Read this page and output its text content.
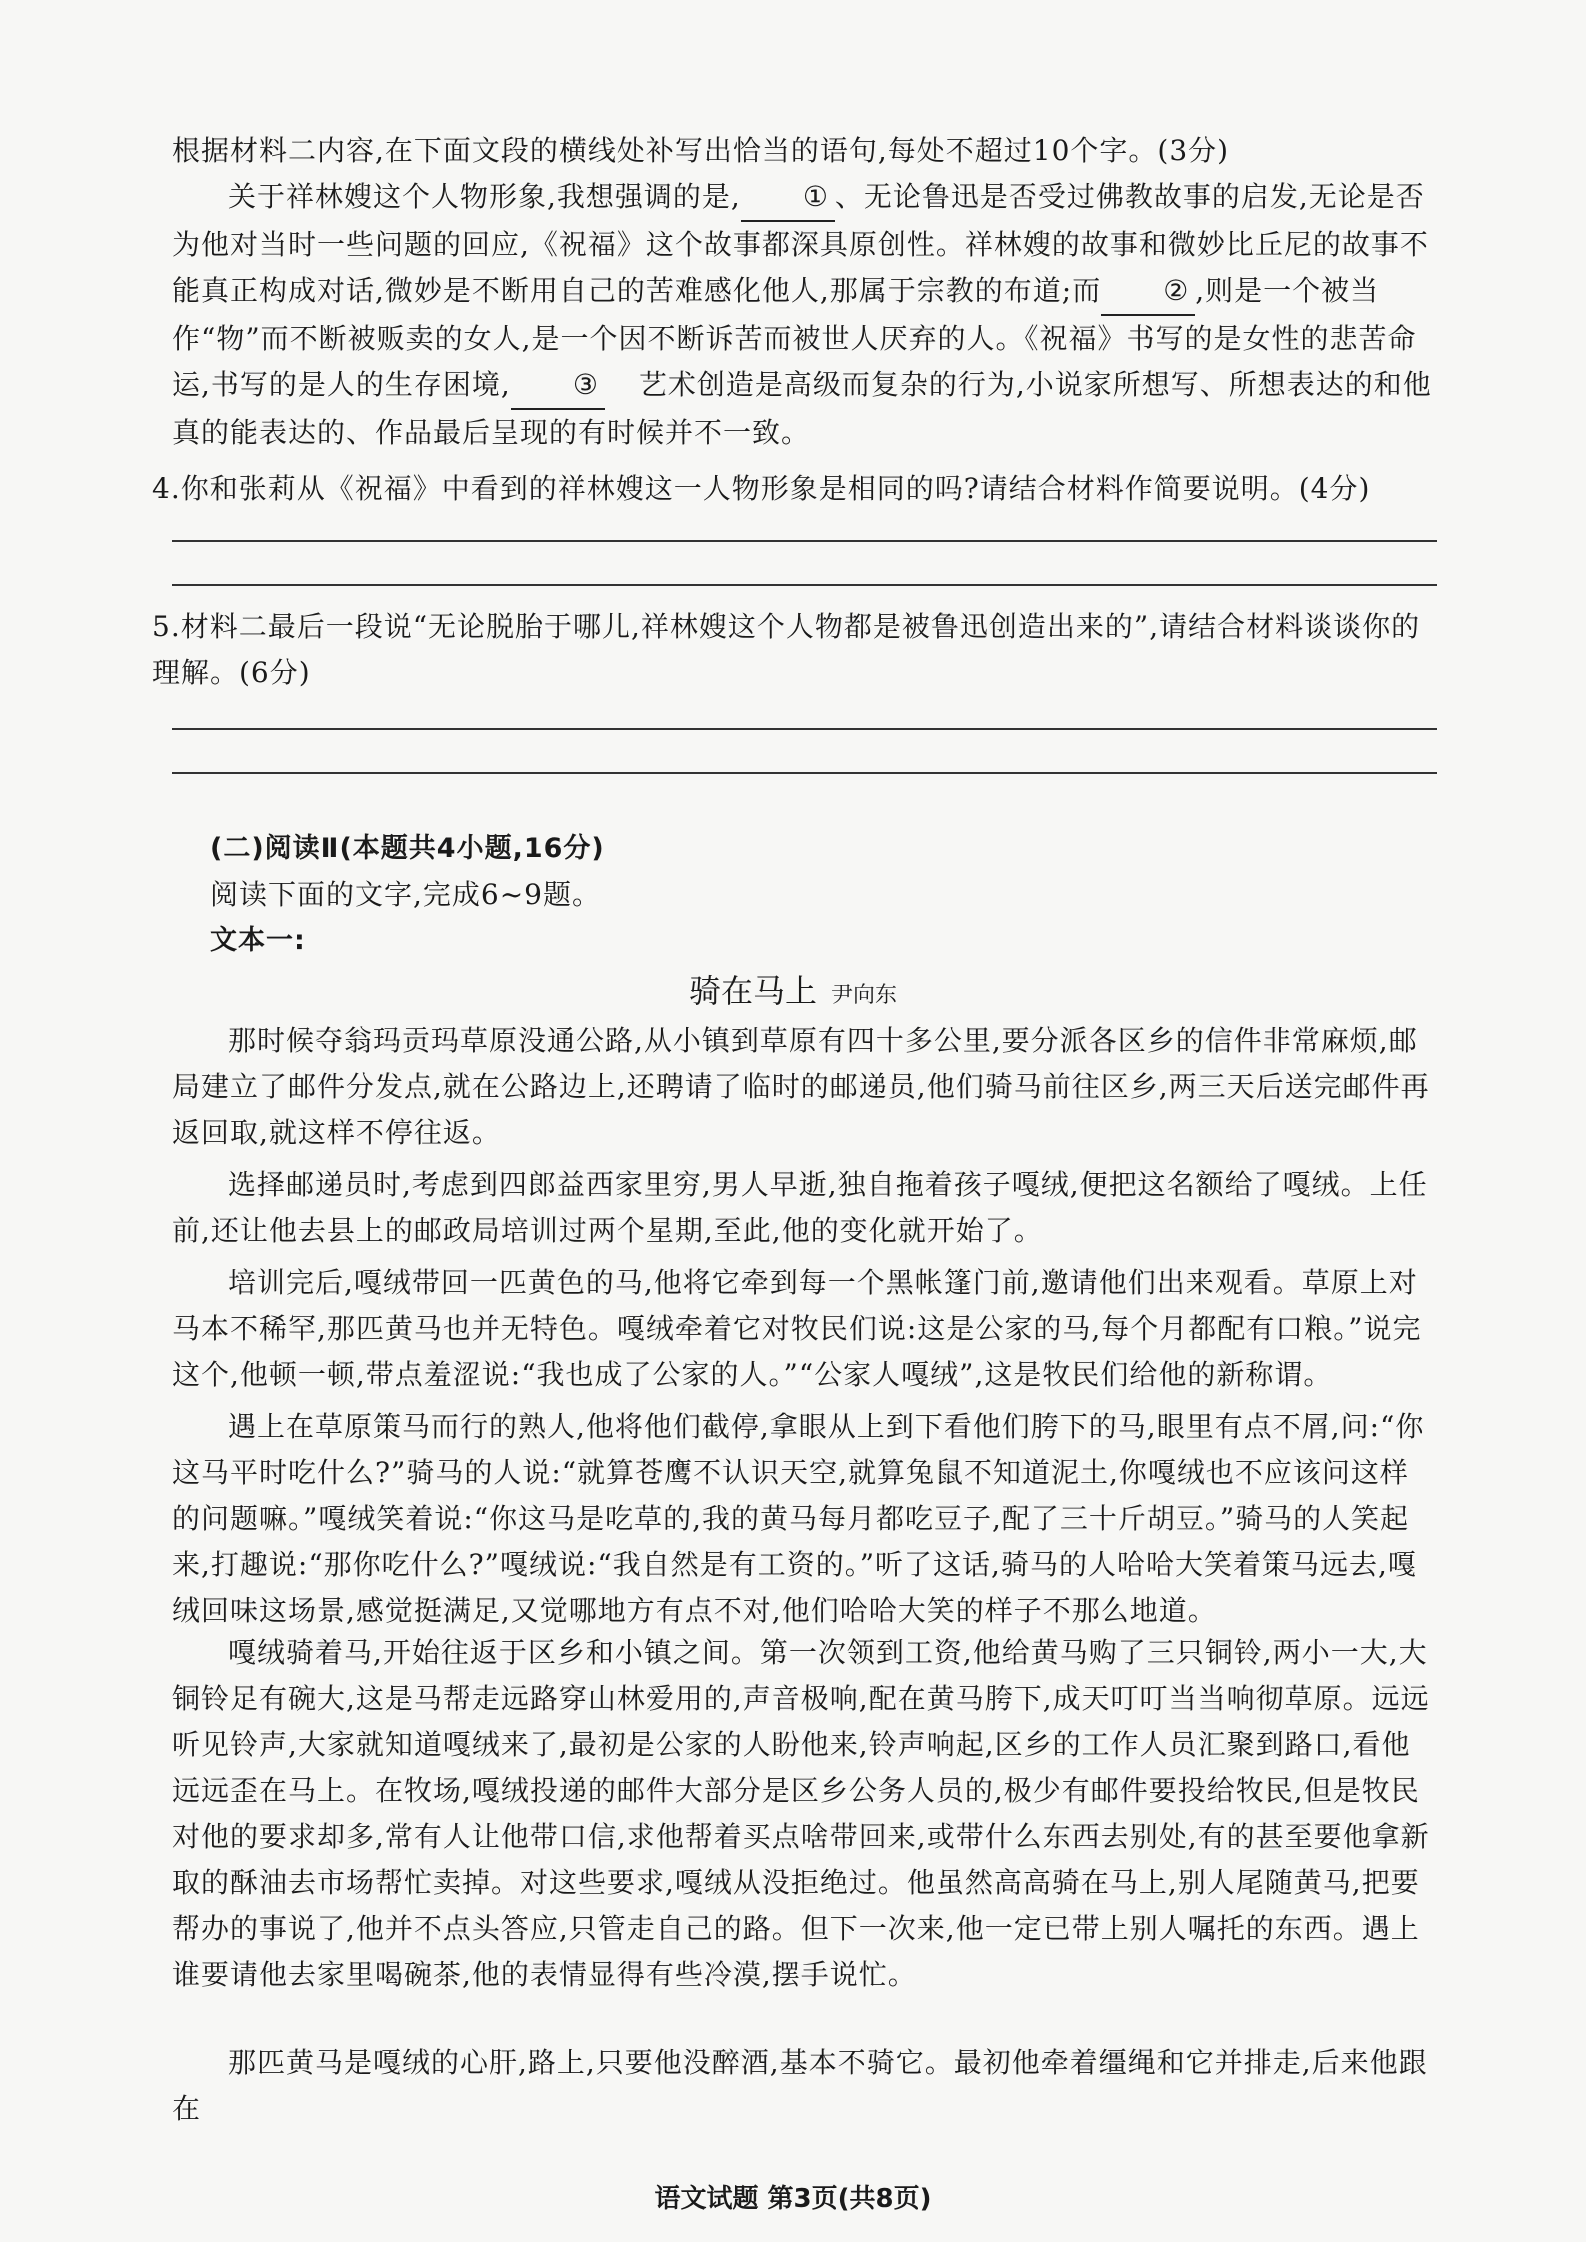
根据材料二内容,在下面文段的横线处补写出恰当的语句,每处不超过10个字。(3分)

关于祥林嫂这个人物形象,我想强调的是, ① 、无论鲁迅是否受过佛教故事的启发,无论是否为他对当时一些问题的回应,《祝福》这个故事都深具原创性。祥林嫂的故事和微妙比丘尼的故事不能真正构成对话,微妙是不断用自己的苦难感化他人,那属于宗教的布道;而 ② ,则是一个被当作“物”而不断被贩卖的女人,是一个因不断诉苦而被世人厌弃的人。《祝福》书写的是女性的悲苦命运,书写的是人的生存困境, ③ 艺术创造是高级而复杂的行为,小说家所想写、所想表达的和他真的能表达的、作品最后呈现的有时候并不一致。

4.你和张莉从《祝福》中看到的祥林嫂这一人物形象是相同的吗?请结合材料作简要说明。(4分)

5.材料二最后一段说“无论脱胎于哪儿,祥林嫂这个人物都是被鲁迅创造出来的”,请结合材料谈谈你的理解。(6分)

(二)阅读Ⅱ(本题共4小题,16分)

阅读下面的文字,完成6~9题。

文本一:

骑在马上 尹向东

那时候夺翁玛贡玛草原没通公路,从小镇到草原有四十多公里,要分派各区乡的信件非常麻烦,邮局建立了邮件分发点,就在公路边上,还聘请了临时的邮递员,他们骑马前往区乡,两三天后送完邮件再返回取,就这样不停往返。

选择邮递员时,考虑到四郎益西家里穷,男人早逝,独自拖着孩子嘎绒,便把这名额给了嘎绒。上任前,还让他去县上的邮政局培训过两个星期,至此,他的变化就开始了。

培训完后,嘎绒带回一匹黄色的马,他将它牵到每一个黑帐篷门前,邀请他们出来观看。草原上对马本不稀罕,那匹黄马也并无特色。嘎绒牵着它对牧民们说:这是公家的马,每个月都配有口粮。”说完这个,他顿一顿,带点羞涩说:“我也成了公家的人。”“公家人嘎绒”,这是牧民们给他的新称谓。

遇上在草原策马而行的熟人,他将他们截停,拿眼从上到下看他们胯下的马,眼里有点不屑,问:“你这马平时吃什么?”骑马的人说:“就算苍鹰不认识天空,就算兔鼠不知道泥土,你嘎绒也不应该问这样的问题嘛。”嘎绒笑着说:“你这马是吃草的,我的黄马每月都吃豆子,配了三十斤胡豆。”骑马的人笑起来,打趣说:“那你吃什么?”嘎绒说:“我自然是有工资的。”听了这话,骑马的人哈哈大笑着策马远去,嘎绒回味这场景,感觉挺满足,又觉哪地方有点不对,他们哈哈大笑的样子不那么地道。

嘎绒骑着马,开始往返于区乡和小镇之间。第一次领到工资,他给黄马购了三只铜铃,两小一大,大铜铃足有碗大,这是马帮走远路穿山林爱用的,声音极响,配在黄马胯下,成天叮叮当当响彻草原。远远听见铃声,大家就知道嘎绒来了,最初是公家的人盼他来,铃声响起,区乡的工作人员汇聚到路口,看他远远歪在马上。在牧场,嘎绒投递的邮件大部分是区乡公务人员的,极少有邮件要投给牧民,但是牧民对他的要求却多,常有人让他带口信,求他帮着买点啥带回来,或带什么东西去别处,有的甚至要他拿新取的酥油去市场帮忙卖掉。对这些要求,嘎绒从没拒绝过。他虽然高高骑在马上,别人尾随黄马,把要帮办的事说了,他并不点头答应,只管走自己的路。但下一次来,他一定已带上别人嘱托的东西。遇上谁要请他去家里喝碗茶,他的表情显得有些冷漠,摆手说忙。

那匹黄马是嘎绒的心肝,路上,只要他没醉酒,基本不骑它。最初他牵着缰绳和它并排走,后来他跟在

语文试题 第3页(共8页)
